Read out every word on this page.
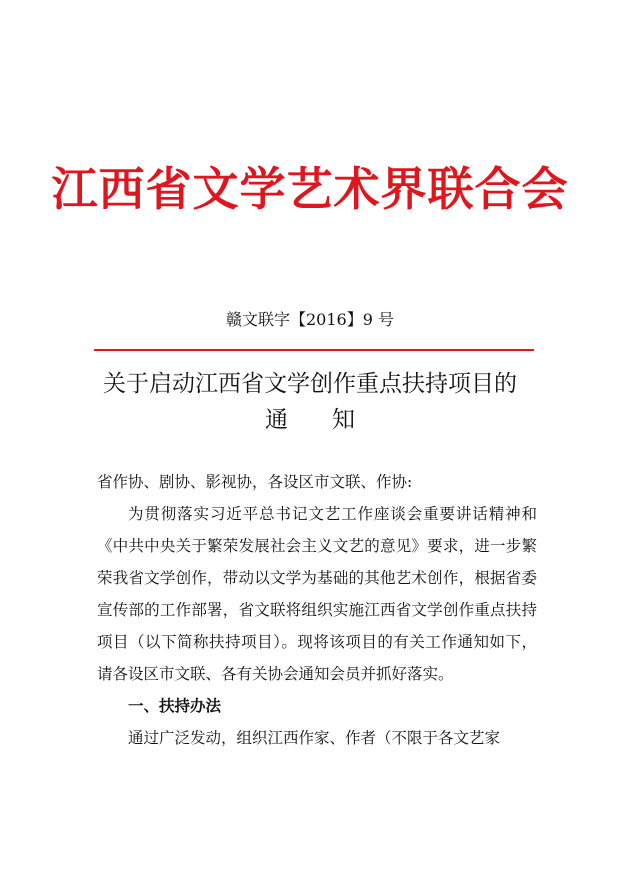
江西省文学艺术界联合会
赣文联字【2016】9 号
关于启动江西省文学创作重点扶持项目的
通 知
省作协、剧协、影视协，各设区市文联、作协:
为贯彻落实习近平总书记文艺工作座谈会重要讲话精神和《中共中央关于繁荣发展社会主义文艺的意见》要求，进一步繁荣我省文学创作，带动以文学为基础的其他艺术创作，根据省委宣传部的工作部署，省文联将组织实施江西省文学创作重点扶持项目（以下简称扶持项目）。现将该项目的有关工作通知如下，请各设区市文联、各有关协会通知会员并抓好落实。
一、扶持办法
通过广泛发动，组织江西作家、作者（不限于各文艺家
